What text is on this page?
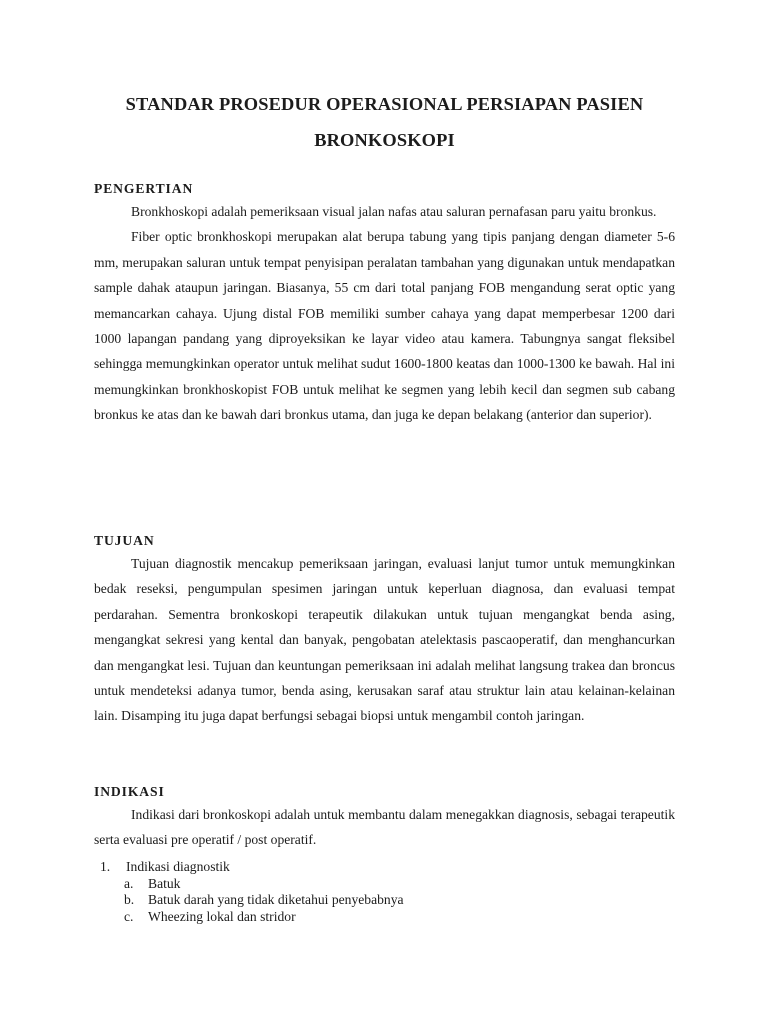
STANDAR PROSEDUR OPERASIONAL PERSIAPAN PASIEN
BRONKOSKOPI
PENGERTIAN

Bronkhoskopi adalah pemeriksaan visual jalan nafas atau saluran pernafasan paru yaitu bronkus.

Fiber optic bronkhoskopi merupakan alat berupa tabung yang tipis panjang dengan diameter 5-6 mm, merupakan saluran untuk tempat penyisipan peralatan tambahan yang digunakan untuk mendapatkan sample dahak ataupun jaringan. Biasanya, 55 cm dari total panjang FOB mengandung serat optic yang memancarkan cahaya. Ujung distal FOB memiliki sumber cahaya yang dapat memperbesar 1200 dari 1000 lapangan pandang yang diproyeksikan ke layar video atau kamera. Tabungnya sangat fleksibel sehingga memungkinkan operator untuk melihat sudut 1600-1800 keatas dan 1000-1300 ke bawah. Hal ini memungkinkan bronkhoskopist FOB untuk melihat ke segmen yang lebih kecil dan segmen sub cabang bronkus ke atas dan ke bawah dari bronkus utama, dan juga ke depan belakang (anterior dan superior).

TUJUAN

Tujuan diagnostik mencakup pemeriksaan jaringan, evaluasi lanjut tumor untuk memungkinkan bedak reseksi, pengumpulan spesimen jaringan untuk keperluan diagnosa, dan evaluasi tempat perdarahan. Sementra bronkoskopi terapeutik dilakukan untuk tujuan mengangkat benda asing, mengangkat sekresi yang kental dan banyak, pengobatan atelektasis pascaoperatif, dan menghancurkan dan mengangkat lesi. Tujuan dan keuntungan pemeriksaan ini adalah melihat langsung trakea dan broncus untuk mendeteksi adanya tumor, benda asing, kerusakan saraf atau struktur lain atau kelainan-kelainan lain. Disamping itu juga dapat berfungsi sebagai biopsi untuk mengambil contoh jaringan.

INDIKASI

Indikasi dari bronkoskopi adalah untuk membantu dalam menegakkan diagnosis, sebagai terapeutik serta evaluasi pre operatif / post operatif.

1.	Indikasi diagnostik
a.	Batuk
b.	Batuk darah yang tidak diketahui penyebabnya
c.	Wheezing lokal dan stridor
